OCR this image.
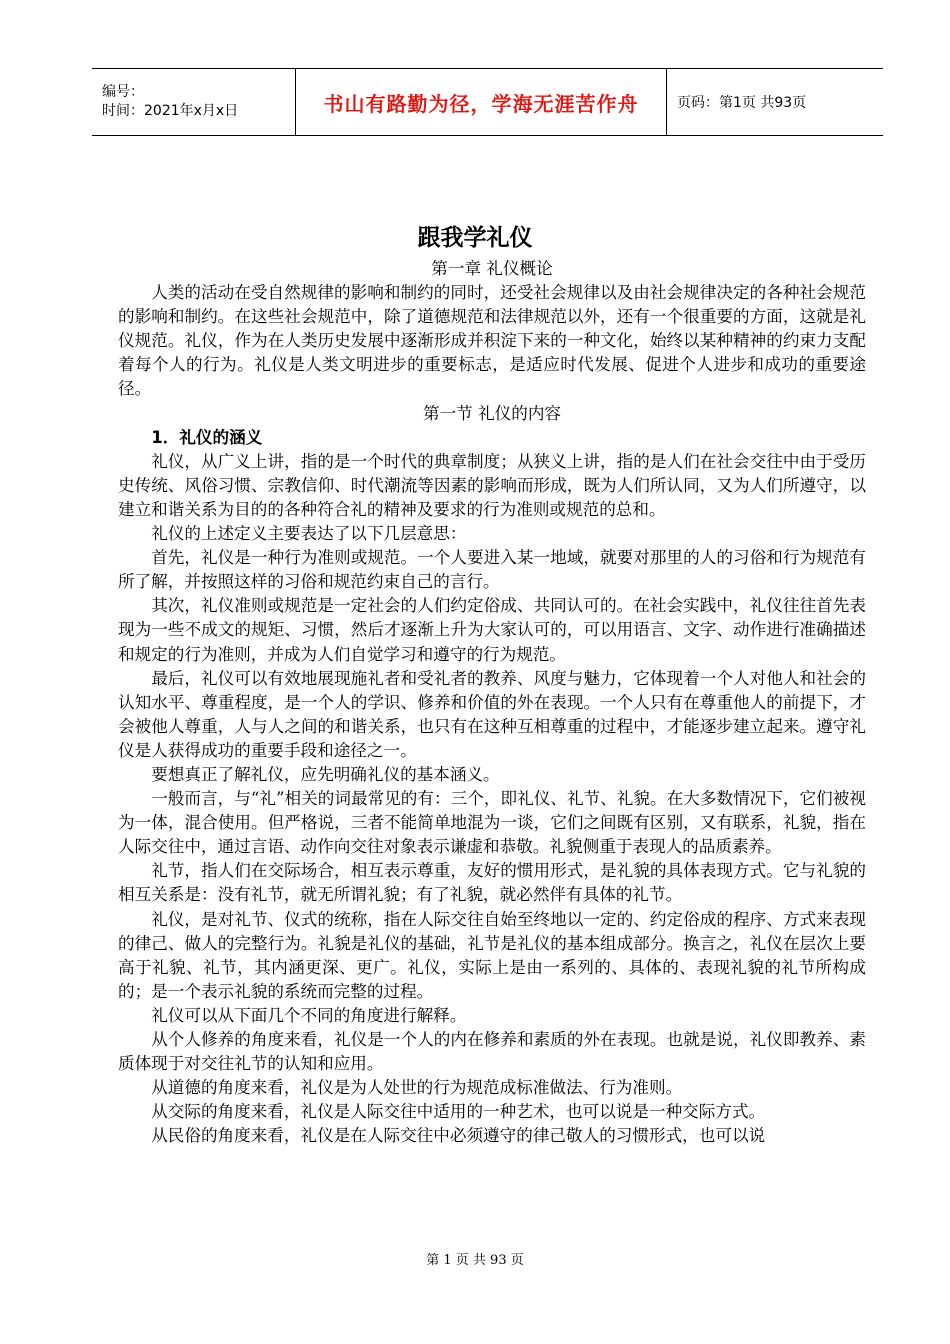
编号：
时间：2021年x月x日	书山有路勤为径，学海无涯苦作舟	页码：第1页 共93页
跟我学礼仪

第一章 礼仪概论

人类的活动在受自然规律的影响和制约的同时，还受社会规律以及由社会规律决定的各种社会规范的影响和制约。在这些社会规范中，除了道德规范和法律规范以外，还有一个很重要的方面，这就是礼仪规范。礼仪，作为在人类历史发展中逐渐形成并积淀下来的一种文化，始终以某种精神的约束力支配着每个人的行为。礼仪是人类文明进步的重要标志，是适应时代发展、促进个人进步和成功的重要途径。

第一节 礼仪的内容

1．礼仪的涵义

礼仪，从广义上讲，指的是一个时代的典章制度；从狭义上讲，指的是人们在社会交往中由于受历史传统、风俗习惯、宗教信仰、时代潮流等因素的影响而形成，既为人们所认同，又为人们所遵守，以建立和谐关系为目的的各种符合礼的精神及要求的行为准则或规范的总和。

礼仪的上述定义主要表达了以下几层意思：

首先，礼仪是一种行为准则或规范。一个人要进入某一地域，就要对那里的人的习俗和行为规范有所了解，并按照这样的习俗和规范约束自己的言行。

其次，礼仪准则或规范是一定社会的人们约定俗成、共同认可的。在社会实践中，礼仪往往首先表现为一些不成文的规矩、习惯，然后才逐渐上升为大家认可的，可以用语言、文字、动作进行准确描述和规定的行为准则，并成为人们自觉学习和遵守的行为规范。

最后，礼仪可以有效地展现施礼者和受礼者的教养、风度与魅力，它体现着一个人对他人和社会的认知水平、尊重程度，是一个人的学识、修养和价值的外在表现。一个人只有在尊重他人的前提下，才会被他人尊重，人与人之间的和谐关系，也只有在这种互相尊重的过程中，才能逐步建立起来。遵守礼仪是人获得成功的重要手段和途径之一。

要想真正了解礼仪，应先明确礼仪的基本涵义。

一般而言，与“礼”相关的词最常见的有：三个，即礼仪、礼节、礼貌。在大多数情况下，它们被视为一体，混合使用。但严格说，三者不能简单地混为一谈，它们之间既有区别，又有联系，礼貌，指在人际交往中，通过言语、动作向交往对象表示谦虚和恭敬。礼貌侧重于表现人的品质素养。

礼节，指人们在交际场合，相互表示尊重，友好的惯用形式，是礼貌的具体表现方式。它与礼貌的相互关系是：没有礼节，就无所谓礼貌；有了礼貌，就必然伴有具体的礼节。

礼仪，是对礼节、仪式的统称，指在人际交往自始至终地以一定的、约定俗成的程序、方式来表现的律己、做人的完整行为。礼貌是礼仪的基础，礼节是礼仪的基本组成部分。换言之，礼仪在层次上要高于礼貌、礼节，其内涵更深、更广。礼仪，实际上是由一系列的、具体的、表现礼貌的礼节所构成的；是一个表示礼貌的系统而完整的过程。

礼仪可以从下面几个不同的角度进行解释。

从个人修养的角度来看，礼仪是一个人的内在修养和素质的外在表现。也就是说，礼仪即教养、素质体现于对交往礼节的认知和应用。

从道德的角度来看，礼仪是为人处世的行为规范成标准做法、行为准则。

从交际的角度来看，礼仪是人际交往中适用的一种艺术，也可以说是一种交际方式。

从民俗的角度来看，礼仪是在人际交往中必须遵守的律己敬人的习惯形式，也可以说

第 1 页 共 93 页
